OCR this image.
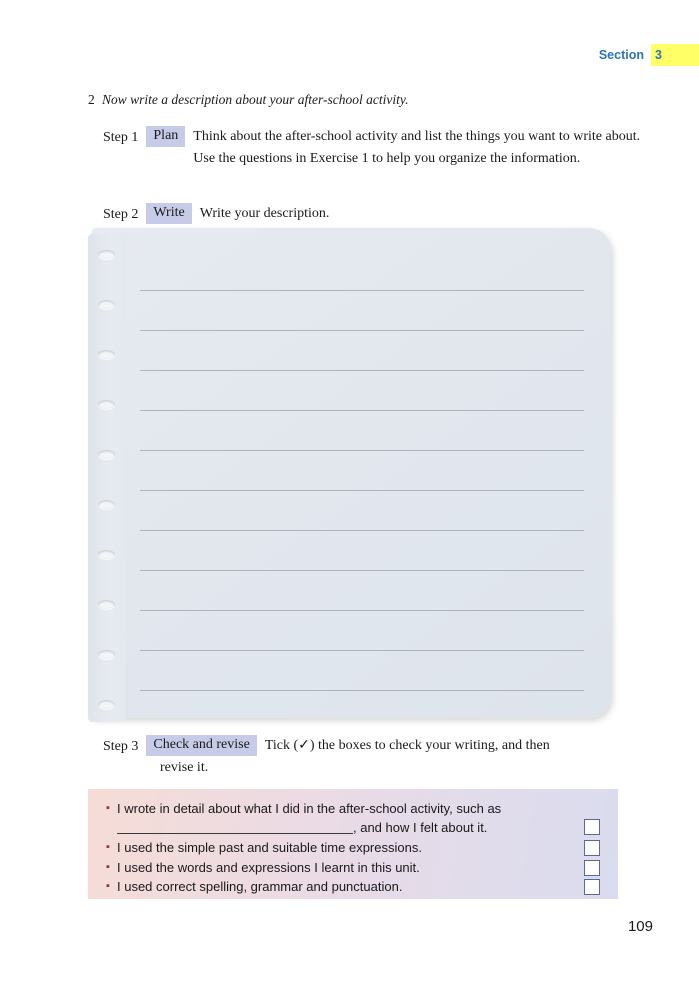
Section 3
2 Now write a description about your after-school activity.
Step 1	Plan	Think about the after-school activity and list the things you want to write about. Use the questions in Exercise 1 to help you organize the information.
Step 2	Write	Write your description.
Step 3	Check and revise	Tick (✓) the boxes to check your writing, and then
revise it.
▪ I wrote in detail about what I did in the after-school activity, such as , and how I felt about it.
▪ I used the simple past and suitable time expressions.
▪ I used the words and expressions I learnt in this unit.
▪ I used correct spelling, grammar and punctuation.
109
